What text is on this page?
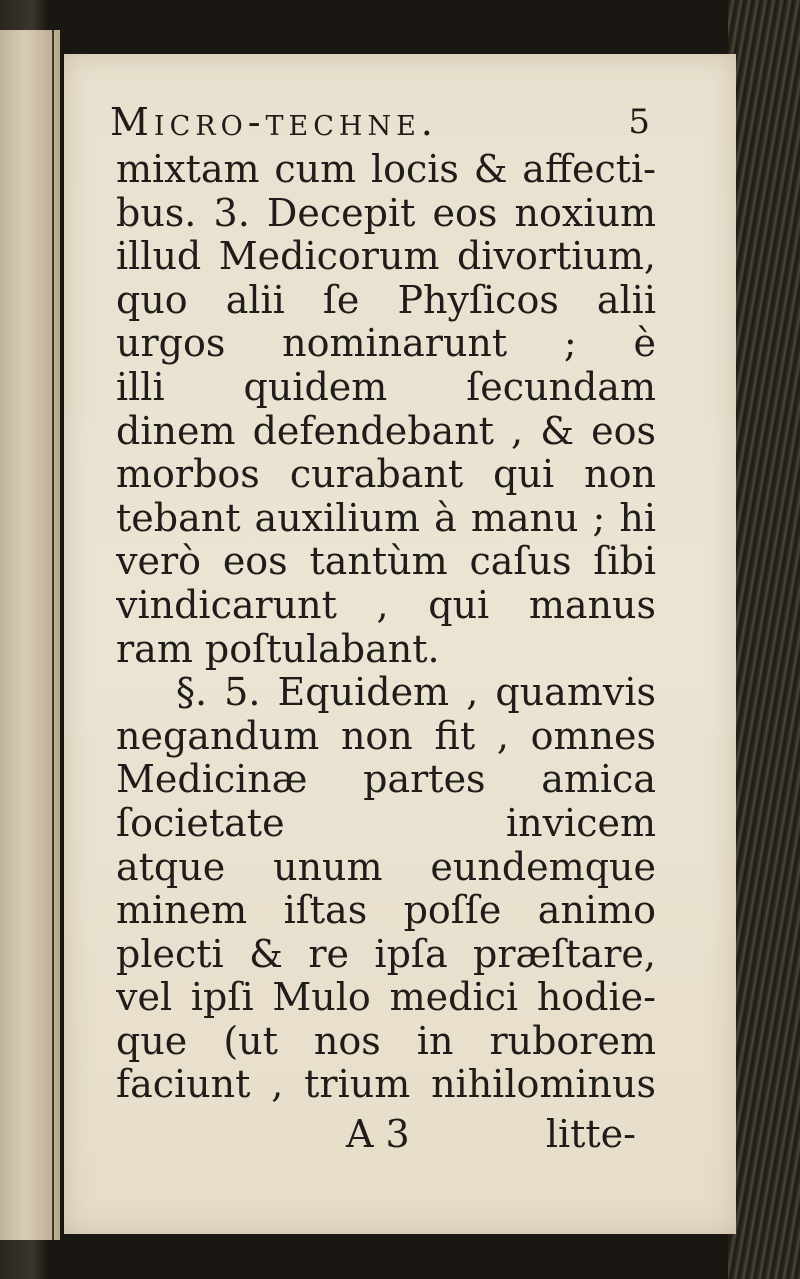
Micro-techne.	5
mixtam cum locis & affecti-
bus. 3. Decepit eos noxium
illud Medicorum divortium,
quo alii ſe Phyſicos alii
urgos nominarunt ; è
illi quidem ſecundam
dinem defendebant , & eos
morbos curabant qui non
tebant auxilium à manu ; hi
verò eos tantùm caſus ſibi
vindicarunt , qui manus
ram poſtulabant.
§. 5. Equidem , quamvis
negandum non fit , omnes
Medicinæ partes amica
ſocietate invicem
atque unum eundemque
minem iſtas poſſe animo
plecti & re ipſa præſtare,
vel ipſi Mulo medici hodie-
que (ut nos in ruborem
faciunt , trium nihilominus
A 3	litte-
